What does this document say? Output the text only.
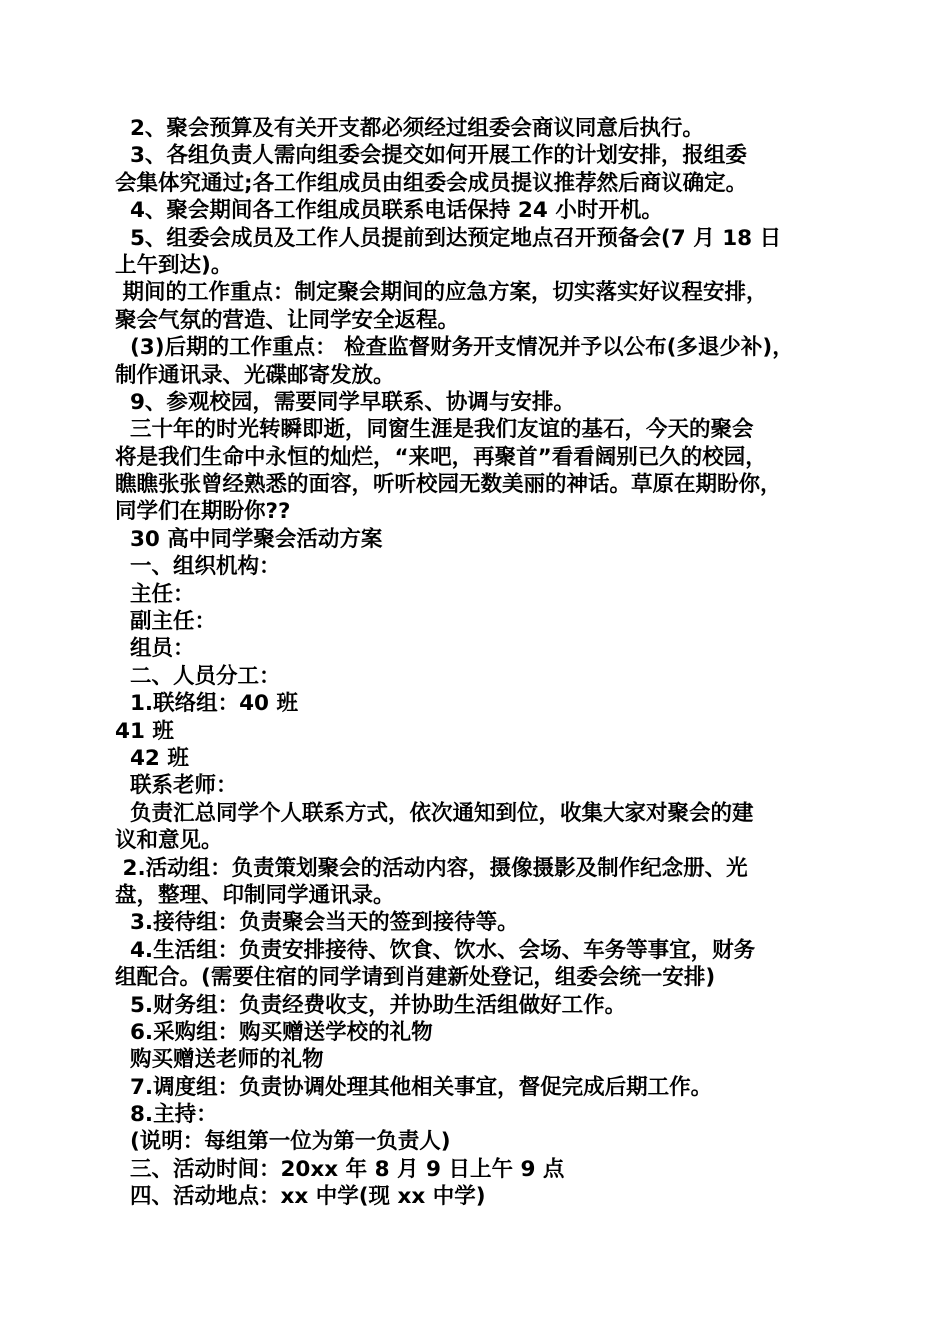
2、聚会预算及有关开支都必须经过组委会商议同意后执行。
3、各组负责人需向组委会提交如何开展工作的计划安排，报组委
会集体究通过;各工作组成员由组委会成员提议推荐然后商议确定。
4、聚会期间各工作组成员联系电话保持 24 小时开机。
5、组委会成员及工作人员提前到达预定地点召开预备会(7 月 18 日
上午到达)。
期间的工作重点：制定聚会期间的应急方案，切实落实好议程安排，
聚会气氛的营造、让同学安全返程。
(3)后期的工作重点： 检查监督财务开支情况并予以公布(多退少补)，
制作通讯录、光碟邮寄发放。
9、参观校园，需要同学早联系、协调与安排。
三十年的时光转瞬即逝，同窗生涯是我们友谊的基石，今天的聚会
将是我们生命中永恒的灿烂，“来吧，再聚首”看看阔别已久的校园，
瞧瞧张张曾经熟悉的面容，听听校园无数美丽的神话。草原在期盼你，
同学们在期盼你??
30 高中同学聚会活动方案
一、组织机构：
主任：
副主任：
组员：
二、人员分工：
1.联络组：40 班
41 班
42 班
联系老师：
负责汇总同学个人联系方式，依次通知到位，收集大家对聚会的建
议和意见。
2.活动组：负责策划聚会的活动内容，摄像摄影及制作纪念册、光
盘，整理、印制同学通讯录。
3.接待组：负责聚会当天的签到接待等。
4.生活组：负责安排接待、饮食、饮水、会场、车务等事宜，财务
组配合。(需要住宿的同学请到肖建新处登记，组委会统一安排)
5.财务组：负责经费收支，并协助生活组做好工作。
6.采购组：购买赠送学校的礼物
购买赠送老师的礼物
7.调度组：负责协调处理其他相关事宜，督促完成后期工作。
8.主持：
(说明：每组第一位为第一负责人)
三、活动时间：20xx 年 8 月 9 日上午 9 点
四、活动地点：xx 中学(现 xx 中学)
